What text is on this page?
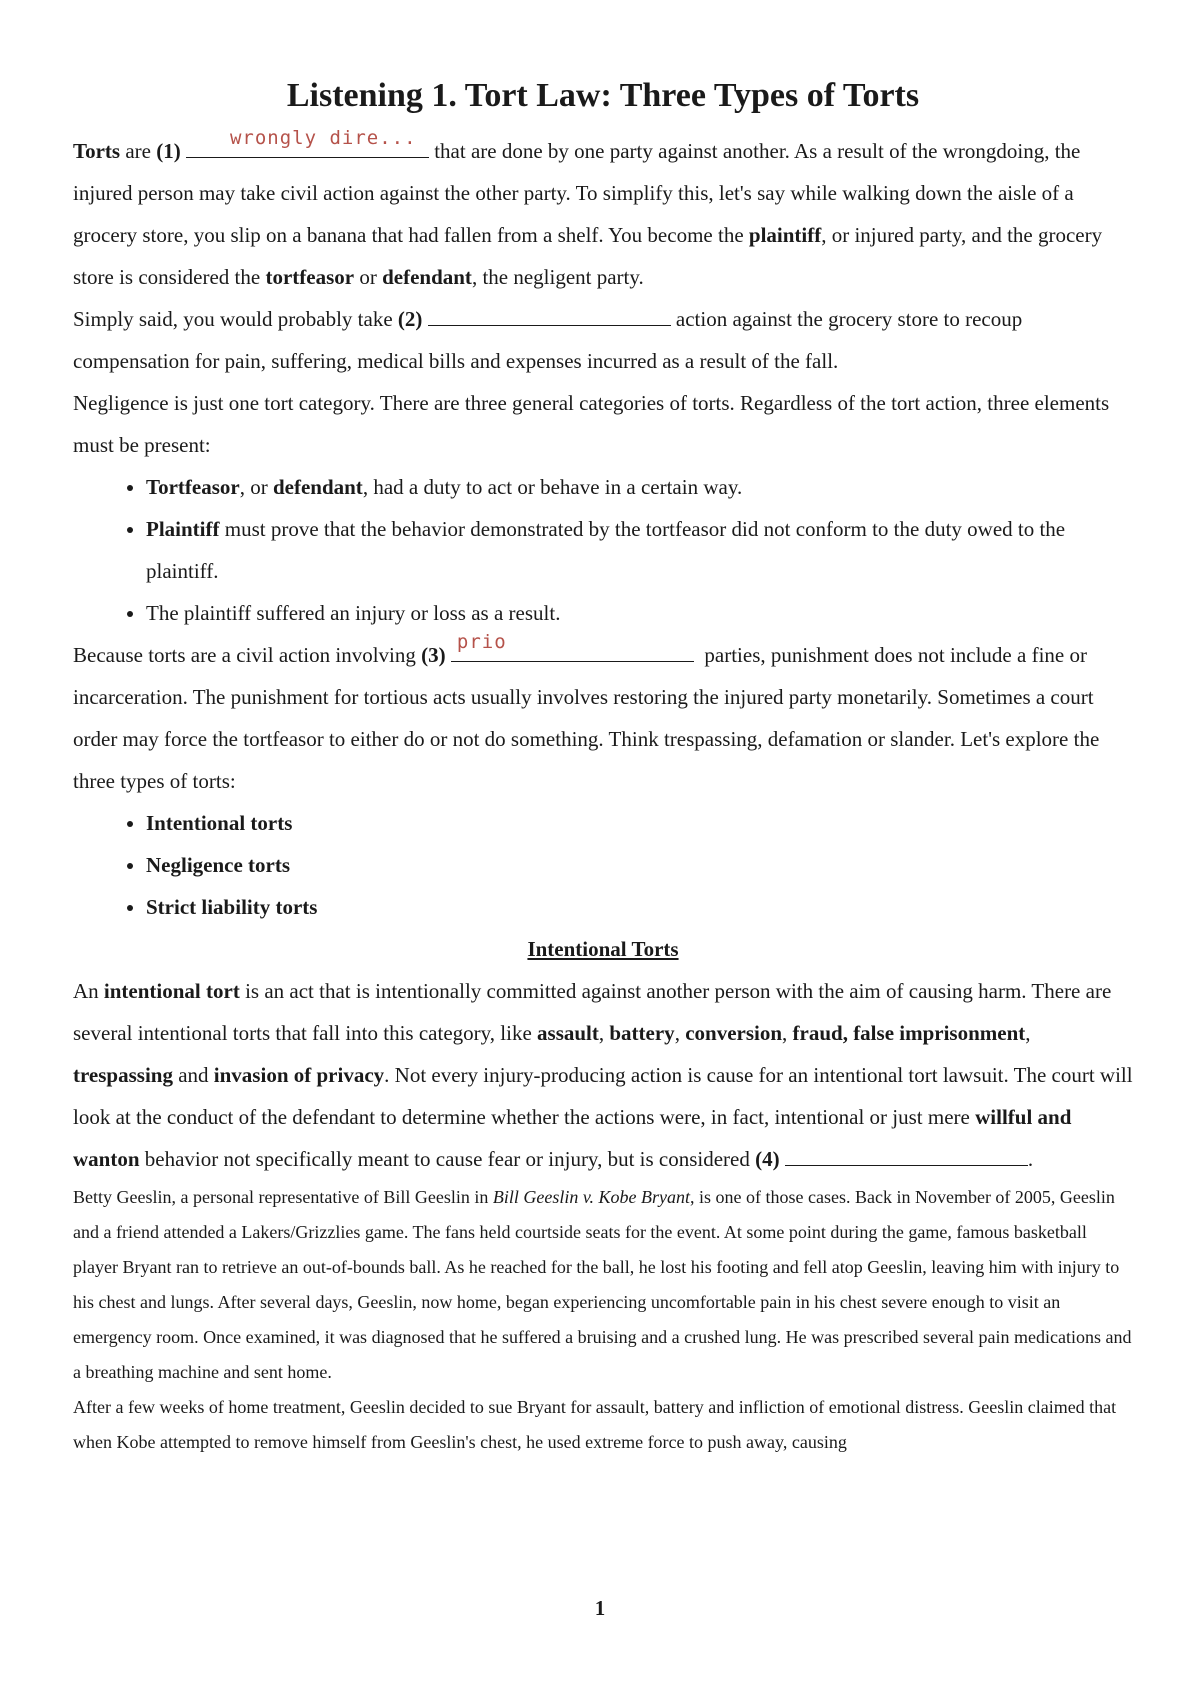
Listening 1. Tort Law: Three Types of Torts

Torts are (1)
wrongly dire...
that are done by one party against another. As a result of the wrongdoing, the injured person may take civil action against the other party. To simplify this, let's say while walking down the aisle of a grocery store, you slip on a banana that had fallen from a shelf. You become the plaintiff, or injured party, and the grocery store is considered the tortfeasor or defendant, the negligent party.

Simply said, you would probably take (2)	action against the grocery store to recoup compensation for pain, suffering, medical bills and expenses incurred as a result of the fall.

Negligence is just one tort category. There are three general categories of torts. Regardless of the tort action, three elements must be present:

• Tortfeasor, or defendant, had a duty to act or behave in a certain way.
• Plaintiff must prove that the behavior demonstrated by the tortfeasor did not conform to the duty owed to the plaintiff.
• The plaintiff suffered an injury or loss as a result.

Because torts are a civil action involving (3)
prio
parties, punishment does not include a fine or incarceration. The punishment for tortious acts usually involves restoring the injured party monetarily. Sometimes a court order may force the tortfeasor to either do or not do something. Think trespassing, defamation or slander. Let's explore the three types of torts:

• Intentional torts
• Negligence torts
• Strict liability torts
Intentional Torts

An intentional tort is an act that is intentionally committed against another person with the aim of causing harm. There are several intentional torts that fall into this category, like assault, battery, conversion, fraud, false imprisonment, trespassing and invasion of privacy. Not every injury-producing action is cause for an intentional tort lawsuit. The court will look at the conduct of the defendant to determine whether the actions were, in fact, intentional or just mere willful and wanton behavior not specifically meant to cause fear or injury, but is considered (4)	.

Betty Geeslin, a personal representative of Bill Geeslin in Bill Geeslin v. Kobe Bryant, is one of those cases. Back in November of 2005, Geeslin and a friend attended a Lakers/Grizzlies game. The fans held courtside seats for the event. At some point during the game, famous basketball player Bryant ran to retrieve an out-of-bounds ball. As he reached for the ball, he lost his footing and fell atop Geeslin, leaving him with injury to his chest and lungs. After several days, Geeslin, now home, began experiencing uncomfortable pain in his chest severe enough to visit an emergency room. Once examined, it was diagnosed that he suffered a bruising and a crushed lung. He was prescribed several pain medications and a breathing machine and sent home.

After a few weeks of home treatment, Geeslin decided to sue Bryant for assault, battery and infliction of emotional distress. Geeslin claimed that when Kobe attempted to remove himself from Geeslin's chest, he used extreme force to push away, causing

1
